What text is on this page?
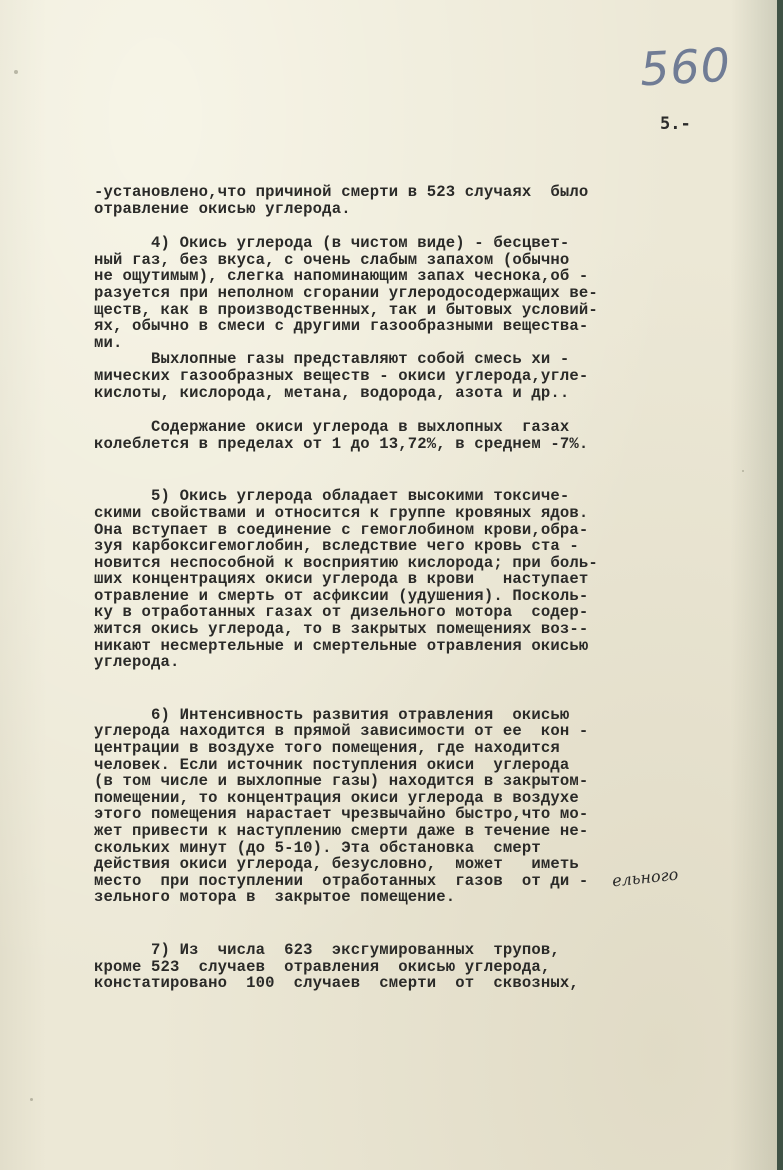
560
5.-
-установлено,что причиной смерти в 523 случаях  было
отравление окисью углерода.
4) Окись углерода (в чистом виде) - бесцвет-
ный газ, без вкуса, с очень слабым запахом (обычно
не ощутимым), слегка напоминающим запах чеснока,об -
разуется при неполном сгорании углеродосодержащих ве-
ществ, как в производственных, так и бытовых условий-
ях, обычно в смеси с другими газообразными вещества-
ми.
Выхлопные газы представляют собой смесь хи -
мических газообразных веществ - окиси углерода,угле-
кислоты, кислорода, метана, водорода, азота и др..
Содержание окиси углерода в выхлопных  газах
колеблется в пределах от 1 до 13,72%, в среднем -7%.
5) Окись углерода обладает высокими токсиче-
скими свойствами и относится к группе кровяных ядов.
Она вступает в соединение с гемоглобином крови,обра-
зуя карбоксигемоглобин, вследствие чего кровь ста -
новится неспособной к восприятию кислорода; при боль-
ших концентрациях окиси углерода в крови   наступает
отравление и смерть от асфиксии (удушения). Посколь-
ку в отработанных газах от дизельного мотора  содер-
жится окись углерода, то в закрытых помещениях воз--
никают несмертельные и смертельные отравления окисью
углерода.
6) Интенсивность развития отравления  окисью
углерода находится в прямой зависимости от ее  кон -
центрации в воздухе того помещения, где находится
человек. Если источник поступления окиси  углерода
(в том числе и выхлопные газы) находится в закрытом-
помещении, то концентрация окиси углерода в воздухе
этого помещения нарастает чрезвычайно быстро,что мо-
жет привести к наступлению смерти даже в течение не-
скольких минут (до 5-10). Эта обстановка  смерт
действия окиси углерода, безусловно,  может   иметь
место  при поступлении  отработанных  газов  от ди -
зельного мотора в  закрытое помещение.
7) Из  числа  623  эксгумированных  трупов,
кроме 523  случаев  отравления  окисью углерода,
констатировано  100  случаев  смерти  от  сквозных,
ельного
